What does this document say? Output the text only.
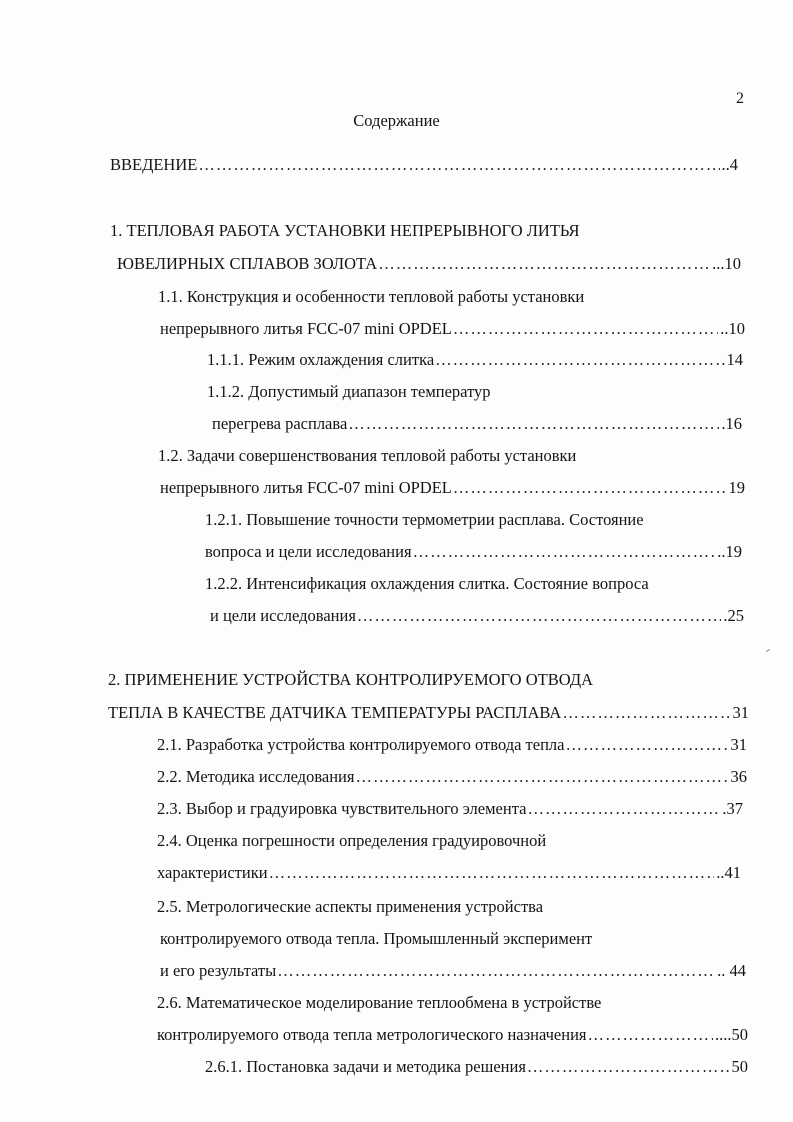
2
Содержание
ВВЕДЕНИЕ …………………………………………………………………………………………………………………………………………………………………………………	..4
1. ТЕПЛОВАЯ РАБОТА УСТАНОВКИ НЕПРЕРЫВНОГО ЛИТЬЯ
ЮВЕЛИРНЫХ СПЛАВОВ ЗОЛОТА …………………………………………………………………………………………………………………………………………………………………………………	...10
1.1. Конструкция и особенности тепловой работы установки
непрерывного литья FCC-07 mini OPDEL …………………………………………………………………………………………………………………………………………………………………………………	..10
1.1.1. Режим охлаждения слитка …………………………………………………………………………………………………………………………………………………………………………………	14
1.1.2. Допустимый диапазон температур
перегрева расплава …………………………………………………………………………………………………………………………………………………………………………………	.16
1.2. Задачи совершенствования тепловой работы установки
непрерывного литья FCC-07 mini OPDEL …………………………………………………………………………………………………………………………………………………………………………………	19
1.2.1. Повышение точности термометрии расплава. Состояние
вопроса и цели исследования …………………………………………………………………………………………………………………………………………………………………………………	..19
1.2.2. Интенсификация охлаждения слитка. Состояние вопроса
и цели исследования …………………………………………………………………………………………………………………………………………………………………………………	.25
2. ПРИМЕНЕНИЕ УСТРОЙСТВА КОНТРОЛИРУЕМОГО ОТВОДА
ТЕПЛА В КАЧЕСТВЕ ДАТЧИКА ТЕМПЕРАТУРЫ РАСПЛАВА …………………………………………………………………………………………………………………………………………………………………………………	31
2.1. Разработка устройства контролируемого отвода тепла …………………………………………………………………………………………………………………………………………………………………………………	31
2.2. Методика исследования …………………………………………………………………………………………………………………………………………………………………………………	36
2.3. Выбор и градуировка чувствительного элемента …………………………………………………………………………………………………………………………………………………………………………………	.37
2.4. Оценка погрешности определения градуировочной
характеристики …………………………………………………………………………………………………………………………………………………………………………………	..41
2.5. Метрологические аспекты применения устройства
контролируемого отвода тепла. Промышленный эксперимент
и его результаты …………………………………………………………………………………………………………………………………………………………………………………	.. 44
2.6. Математическое моделирование теплообмена в устройстве
контролируемого отвода тепла метрологического назначения …………………………………………………………………………………………………………………………………………………………………………………	....50
2.6.1. Постановка задачи и методика решения …………………………………………………………………………………………………………………………………………………………………………………	50
